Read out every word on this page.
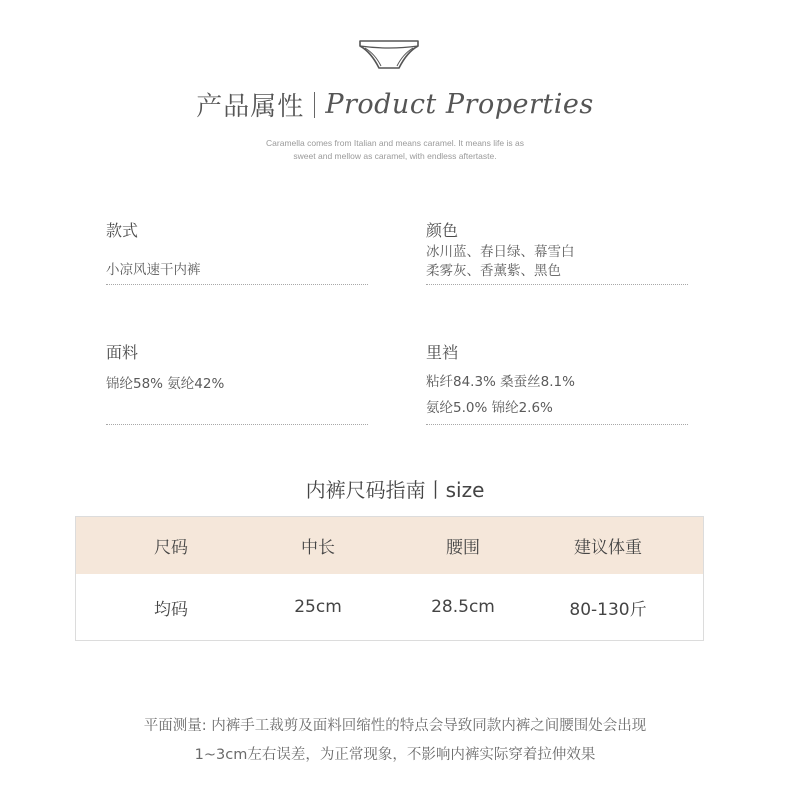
产品属性 Product Properties
Caramella comes from Italian and means caramel. It means life is as
sweet and mellow as caramel, with endless aftertaste.
款式
小凉风速干内裤
颜色
冰川蓝、春日绿、幕雪白
柔雾灰、香薰紫、黑色
面料
锦纶58% 氨纶42%
里裆
粘纤84.3% 桑蚕丝8.1%
氨纶5.0% 锦纶2.6%
内裤尺码指南丨size
尺码	中长	腰围	建议体重
均码	25cm	28.5cm	80-130斤
平面测量: 内裤手工裁剪及面料回缩性的特点会导致同款内裤之间腰围处会出现
1~3cm左右误差，为正常现象，不影响内裤实际穿着拉伸效果
